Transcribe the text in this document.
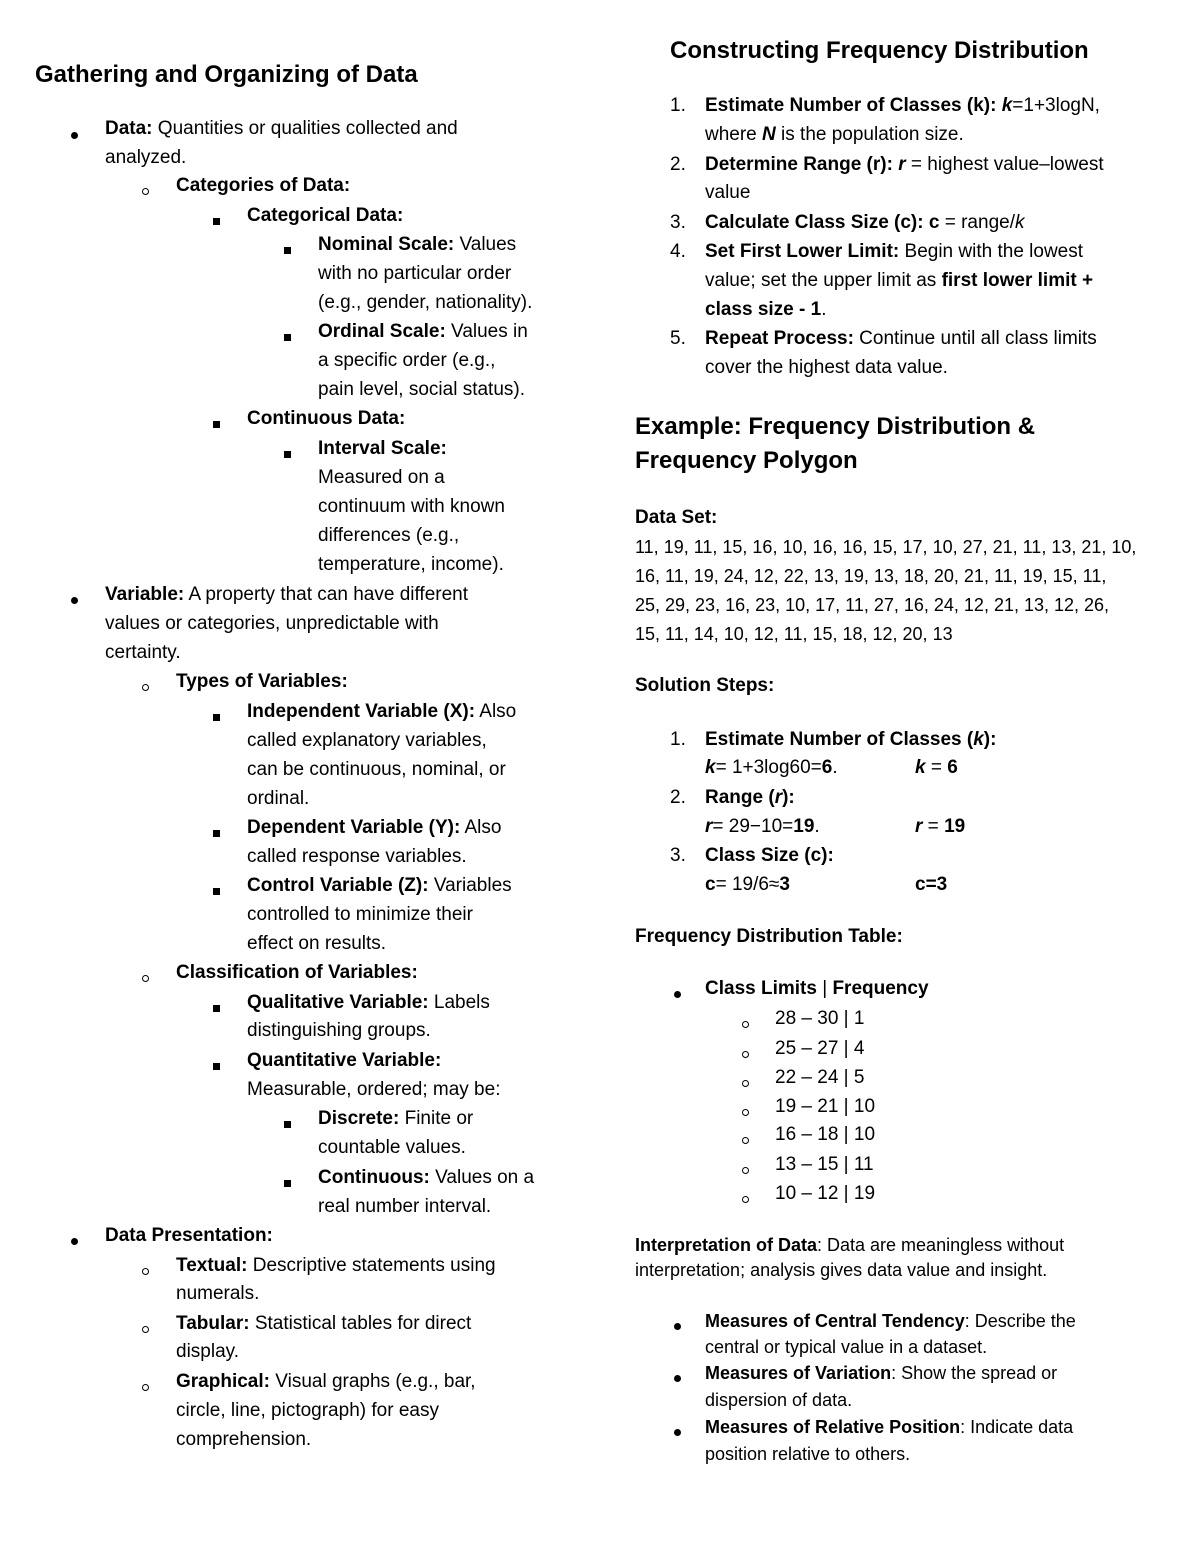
Gathering and Organizing of Data
Data: Quantities or qualities collected and
analyzed.
Categories of Data:
Categorical Data:
Nominal Scale: Values
with no particular order
(e.g., gender, nationality).
Ordinal Scale: Values in
a specific order (e.g.,
pain level, social status).
Continuous Data:
Interval Scale:
Measured on a
continuum with known
differences (e.g.,
temperature, income).
Variable: A property that can have different
values or categories, unpredictable with
certainty.
Types of Variables:
Independent Variable (X): Also
called explanatory variables,
can be continuous, nominal, or
ordinal.
Dependent Variable (Y): Also
called response variables.
Control Variable (Z): Variables
controlled to minimize their
effect on results.
Classification of Variables:
Qualitative Variable: Labels
distinguishing groups.
Quantitative Variable:
Measurable, ordered; may be:
Discrete: Finite or
countable values.
Continuous: Values on a
real number interval.
Data Presentation:
Textual: Descriptive statements using
numerals.
Tabular: Statistical tables for direct
display.
Graphical: Visual graphs (e.g., bar,
circle, line, pictograph) for easy
comprehension.
Constructing Frequency Distribution
1. Estimate Number of Classes (k): k=1+3logN,
where N is the population size.
2. Determine Range (r): r = highest value–lowest
value
3. Calculate Class Size (c): c = range/k
4. Set First Lower Limit: Begin with the lowest
value; set the upper limit as first lower limit +
class size - 1.
5. Repeat Process: Continue until all class limits
cover the highest data value.
Example: Frequency Distribution &
Frequency Polygon
Data Set:
11, 19, 11, 15, 16, 10, 16, 16, 15, 17, 10, 27, 21, 11, 13, 21, 10,
16, 11, 19, 24, 12, 22, 13, 19, 13, 18, 20, 21, 11, 19, 15, 11,
25, 29, 23, 16, 23, 10, 17, 11, 27, 16, 24, 12, 21, 13, 12, 26,
15, 11, 14, 10, 12, 11, 15, 18, 12, 20, 13
Solution Steps:
1. Estimate Number of Classes (k):
k= 1+3log60=6.	k = 6
2. Range (r):
r= 29−10=19.	r = 19
3. Class Size (c):
c= 19/6≈3	c=3
Frequency Distribution Table:
Class Limits | Frequency
28 – 30 | 1
25 – 27 | 4
22 – 24 | 5
19 – 21 | 10
16 – 18 | 10
13 – 15 | 11
10 – 12 | 19
Interpretation of Data: Data are meaningless without
interpretation; analysis gives data value and insight.
Measures of Central Tendency: Describe the
central or typical value in a dataset.
Measures of Variation: Show the spread or
dispersion of data.
Measures of Relative Position: Indicate data
position relative to others.
